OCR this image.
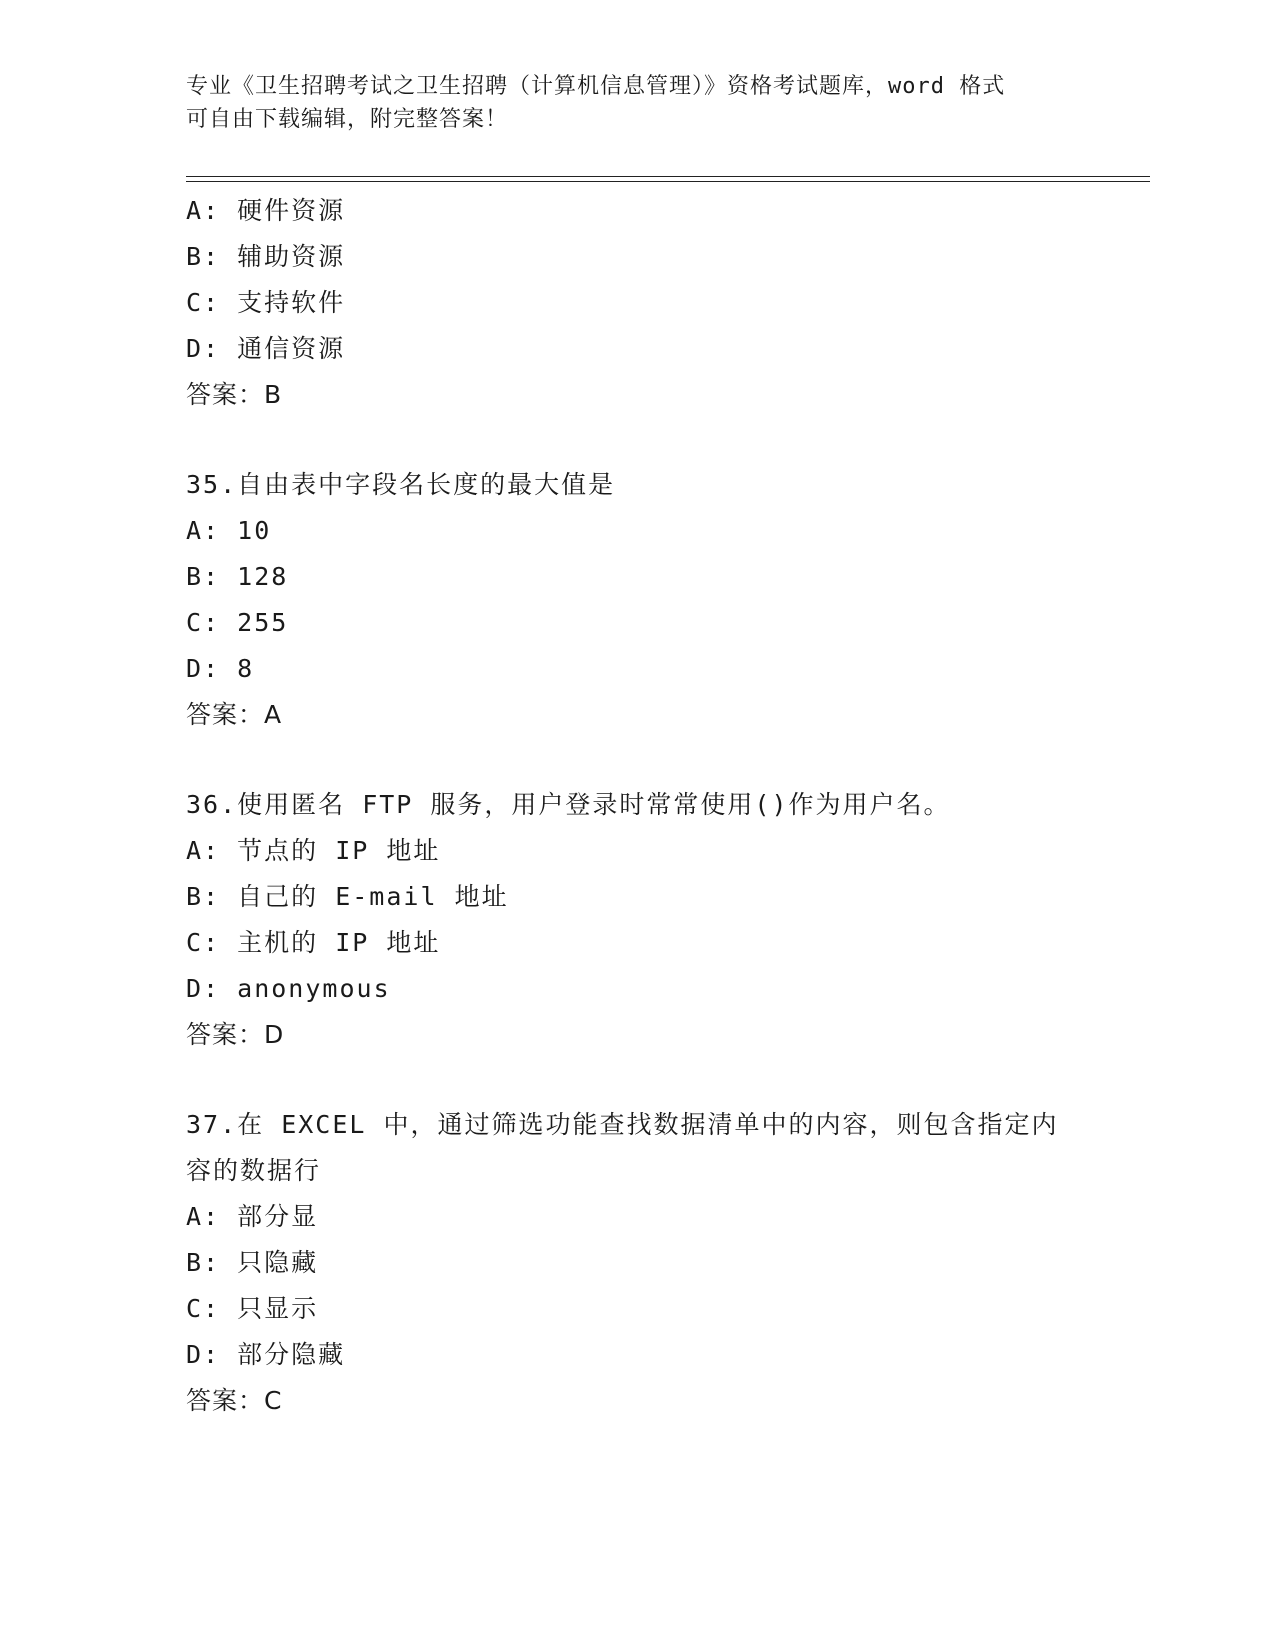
专业《卫生招聘考试之卫生招聘（计算机信息管理）》资格考试题库，word 格式
可自由下载编辑，附完整答案！
A: 硬件资源
B: 辅助资源
C: 支持软件
D: 通信资源
答案：B
35.自由表中字段名长度的最大值是
A: 10
B: 128
C: 255
D: 8
答案：A
36.使用匿名 FTP 服务，用户登录时常常使用()作为用户名。
A: 节点的 IP 地址
B: 自己的 E-mail 地址
C: 主机的 IP 地址
D: anonymous
答案：D
37.在 EXCEL 中，通过筛选功能查找数据清单中的内容，则包含指定内
容的数据行
A: 部分显
B: 只隐藏
C: 只显示
D: 部分隐藏
答案：C
